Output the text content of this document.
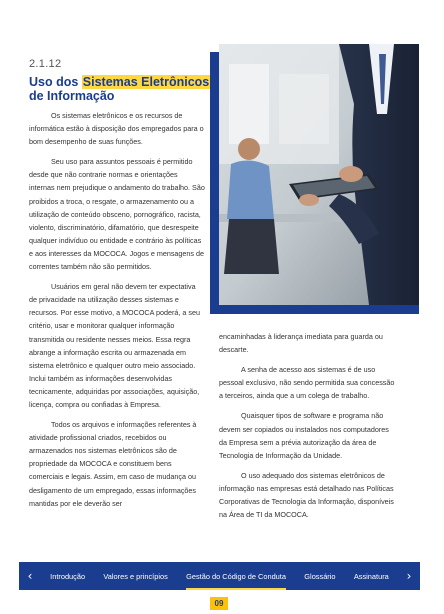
2.1.12
Uso dos Sistemas Eletrônicos de Informação

Os sistemas eletrônicos e os recursos de informática estão à disposição dos empregados para o bom desempenho de suas funções.

Seu uso para assuntos pessoais é permitido desde que não contrarie normas e orientações internas nem prejudique o andamento do trabalho. São proibidos a troca, o resgate, o armazenamento ou a utilização de conteúdo obsceno, pornográfico, racista, violento, discriminatório, difamatório, que desrespeite qualquer indivíduo ou entidade e contrário às políticas e aos interesses da MOCOCA. Jogos e mensagens de correntes também não são permitidos.

Usuários em geral não devem ter expectativa de privacidade na utilização desses sistemas e recursos. Por esse motivo, a MOCOCA poderá, a seu critério, usar e monitorar qualquer informação transmitida ou residente nesses meios. Essa regra abrange a informação escrita ou armazenada em sistema eletrônico e qualquer outro meio associado. Inclui também as informações desenvolvidas tecnicamente, adquiridas por associações, aquisição, licença, compra ou confiadas à Empresa.

Todos os arquivos e informações referentes à atividade profissional criados, recebidos ou armazenados nos sistemas eletrônicos são de propriedade da MOCOCA e constituem bens comerciais e legais. Assim, em caso de mudança ou desligamento de um empregado, essas informações mantidas por ele deverão ser

encaminhadas à liderança imediata para guarda ou descarte.

A senha de acesso aos sistemas é de uso pessoal exclusivo, não sendo permitida sua concessão a terceiros, ainda que a um colega de trabalho.

Quaisquer tipos de software e programa não devem ser copiados ou instalados nos computadores da Empresa sem a prévia autorização da área de Tecnologia de Informação da Unidade.

O uso adequado dos sistemas eletrônicos de informação nas empresas está detalhado nas Políticas Corporativas de Tecnologia da Informação, disponíveis na Área de TI da MOCOCA.

‹	Introdução Valores e princípios Gestão do Código de Conduta Glossário Assinatura	›
09
